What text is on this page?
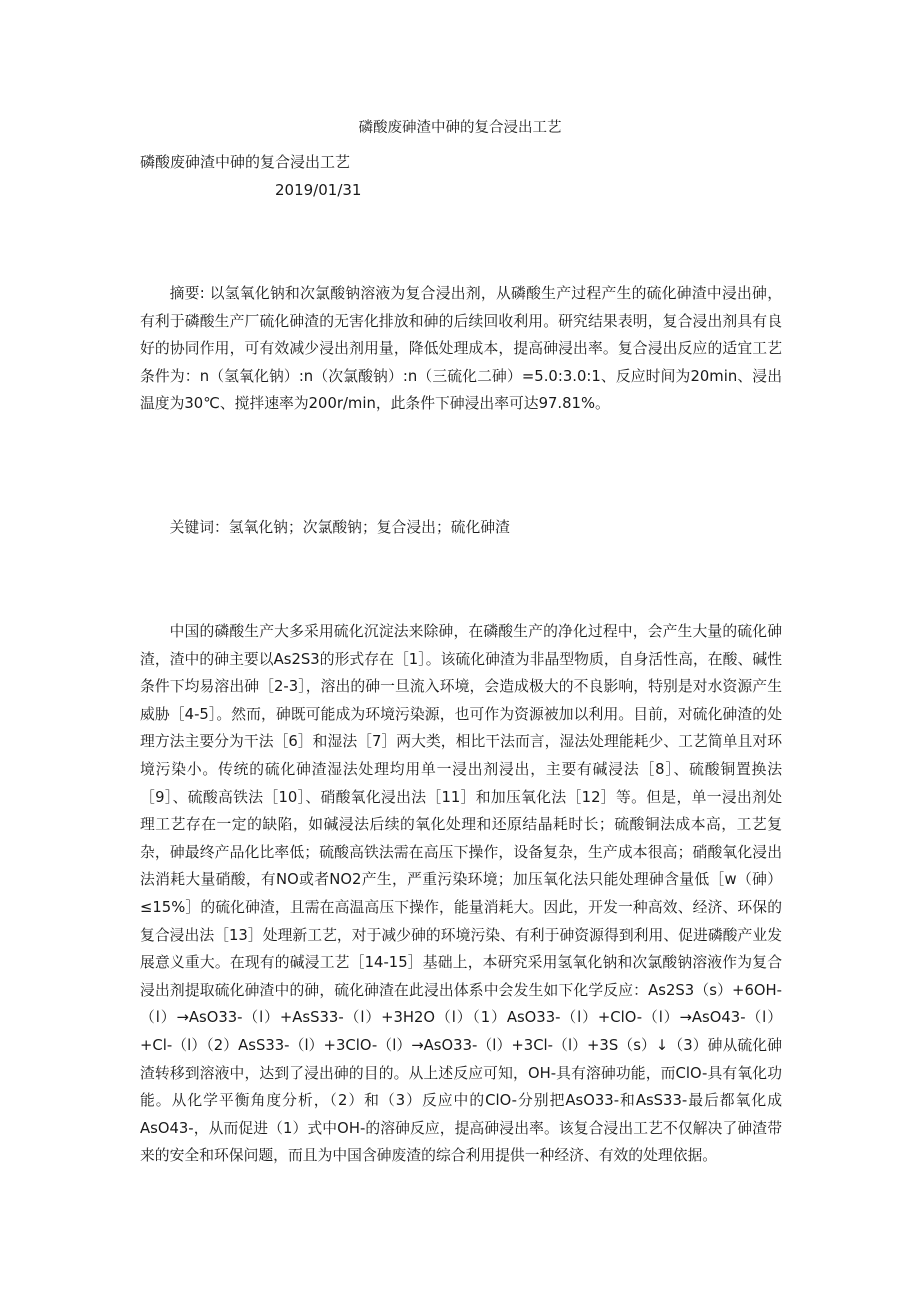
磷酸废砷渣中砷的复合浸出工艺
磷酸废砷渣中砷的复合浸出工艺
2019/01/31

摘要: 以氢氧化钠和次氯酸钠溶液为复合浸出剂，从磷酸生产过程产生的硫化砷渣中浸出砷，有利于磷酸生产厂硫化砷渣的无害化排放和砷的后续回收利用。研究结果表明，复合浸出剂具有良好的协同作用，可有效减少浸出剂用量，降低处理成本，提高砷浸出率。复合浸出反应的适宜工艺条件为：n（氢氧化钠）:n（次氯酸钠）:n（三硫化二砷）=5.0:3.0:1、反应时间为20min、浸出温度为30℃、搅拌速率为200r/min，此条件下砷浸出率可达97.81%。

关键词：氢氧化钠；次氯酸钠；复合浸出；硫化砷渣

中国的磷酸生产大多采用硫化沉淀法来除砷，在磷酸生产的净化过程中，会产生大量的硫化砷渣，渣中的砷主要以As2S3的形式存在［1］。该硫化砷渣为非晶型物质，自身活性高，在酸、碱性条件下均易溶出砷［2-3］，溶出的砷一旦流入环境，会造成极大的不良影响，特别是对水资源产生威胁［4-5］。然而，砷既可能成为环境污染源，也可作为资源被加以利用。目前，对硫化砷渣的处理方法主要分为干法［6］和湿法［7］两大类，相比干法而言，湿法处理能耗少、工艺简单且对环境污染小。传统的硫化砷渣湿法处理均用单一浸出剂浸出，主要有碱浸法［8］、硫酸铜置换法［9］、硫酸高铁法［10］、硝酸氧化浸出法［11］和加压氧化法［12］等。但是，单一浸出剂处理工艺存在一定的缺陷，如碱浸法后续的氧化处理和还原结晶耗时长；硫酸铜法成本高，工艺复杂，砷最终产品化比率低；硫酸高铁法需在高压下操作，设备复杂，生产成本很高；硝酸氧化浸出法消耗大量硝酸，有NO或者NO2产生，严重污染环境；加压氧化法只能处理砷含量低［w（砷）≤15%］的硫化砷渣，且需在高温高压下操作，能量消耗大。因此，开发一种高效、经济、环保的复合浸出法［13］处理新工艺，对于减少砷的环境污染、有利于砷资源得到利用、促进磷酸产业发展意义重大。在现有的碱浸工艺［14-15］基础上，本研究采用氢氧化钠和次氯酸钠溶液作为复合浸出剂提取硫化砷渣中的砷，硫化砷渣在此浸出体系中会发生如下化学反应：As2S3（s）+6OH-（l）→AsO33-（l）+AsS33-（l）+3H2O（l）（1）AsO33-（l）+ClO-（l）→AsO43-（l）+Cl-（l）（2）AsS33-（l）+3ClO-（l）→AsO33-（l）+3Cl-（l）+3S（s）↓（3）砷从硫化砷渣转移到溶液中，达到了浸出砷的目的。从上述反应可知，OH-具有溶砷功能，而ClO-具有氧化功能。从化学平衡角度分析，（2）和（3）反应中的ClO-分别把AsO33-和AsS33-最后都氧化成AsO43-，从而促进（1）式中OH-的溶砷反应，提高砷浸出率。该复合浸出工艺不仅解决了砷渣带来的安全和环保问题，而且为中国含砷废渣的综合利用提供一种经济、有效的处理依据。
